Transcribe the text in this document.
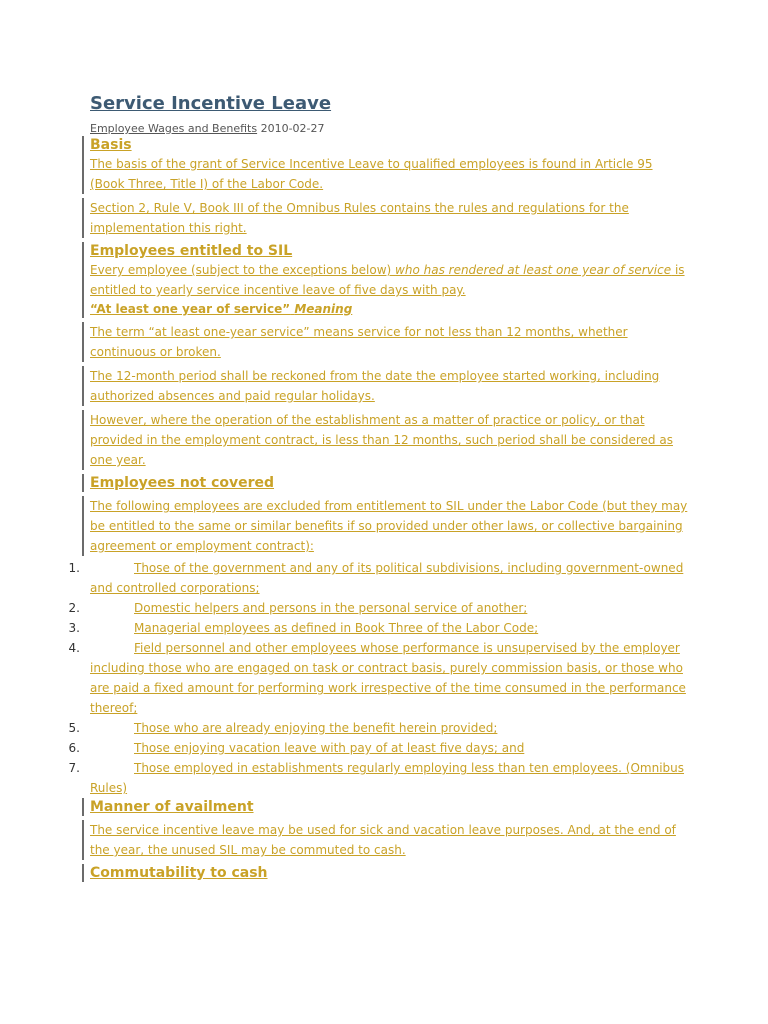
Service Incentive Leave
Employee Wages and Benefits 2010-02-27
Basis
The basis of the grant of Service Incentive Leave to qualified employees is found in Article 95 (Book Three, Title I) of the Labor Code.
Section 2, Rule V, Book III of the Omnibus Rules contains the rules and regulations for the implementation this right.
Employees entitled to SIL
Every employee (subject to the exceptions below) who has rendered at least one year of service is entitled to yearly service incentive leave of five days with pay.
“At least one year of service” Meaning
The term “at least one-year service” means service for not less than 12 months, whether continuous or broken.
The 12-month period shall be reckoned from the date the employee started working, including authorized absences and paid regular holidays.
However, where the operation of the establishment as a matter of practice or policy, or that provided in the employment contract, is less than 12 months, such period shall be considered as one year.
Employees not covered
The following employees are excluded from entitlement to SIL under the Labor Code (but they may be entitled to the same or similar benefits if so provided under other laws, or collective bargaining agreement or employment contract):
1.	Those of the government and any of its political subdivisions, including government-owned and controlled corporations;
2.	Domestic helpers and persons in the personal service of another;
3.	Managerial employees as defined in Book Three of the Labor Code;
4.	Field personnel and other employees whose performance is unsupervised by the employer including those who are engaged on task or contract basis, purely commission basis, or those who are paid a fixed amount for performing work irrespective of the time consumed in the performance thereof;
5.	Those who are already enjoying the benefit herein provided;
6.	Those enjoying vacation leave with pay of at least five days; and
7.	Those employed in establishments regularly employing less than ten employees. (Omnibus Rules)
Manner of availment
The service incentive leave may be used for sick and vacation leave purposes. And, at the end of the year, the unused SIL may be commuted to cash.
Commutability to cash
